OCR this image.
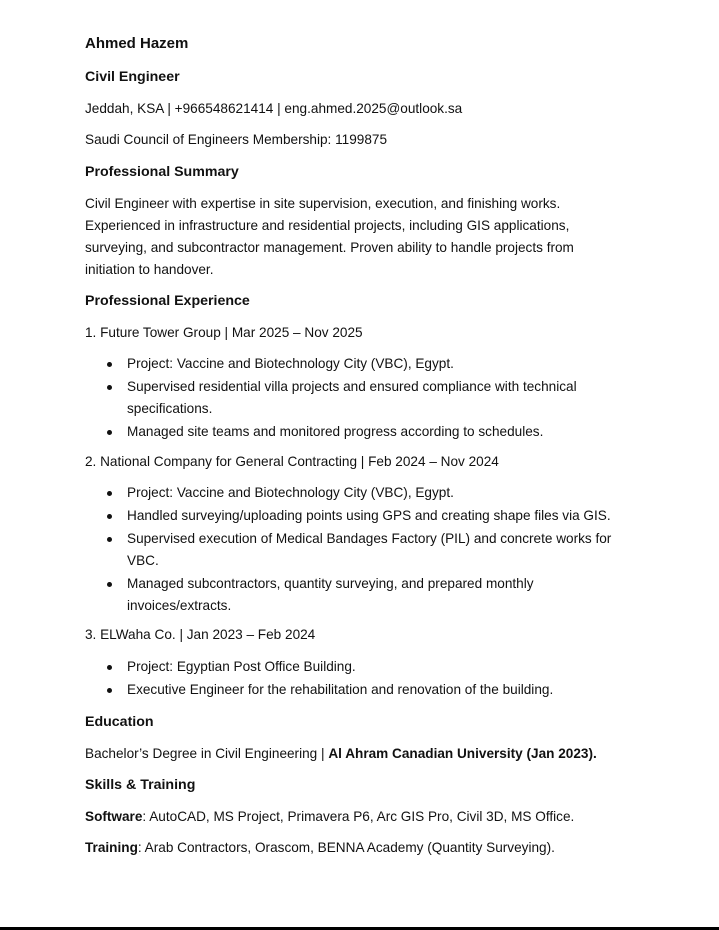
Ahmed Hazem
Civil Engineer
Jeddah, KSA | +966548621414 | eng.ahmed.2025@outlook.sa
Saudi Council of Engineers Membership: 1199875
Professional Summary
Civil Engineer with expertise in site supervision, execution, and finishing works. Experienced in infrastructure and residential projects, including GIS applications, surveying, and subcontractor management. Proven ability to handle projects from initiation to handover.
Professional Experience
1. Future Tower Group | Mar 2025 – Nov 2025
Project: Vaccine and Biotechnology City (VBC), Egypt.
Supervised residential villa projects and ensured compliance with technical specifications.
Managed site teams and monitored progress according to schedules.
2. National Company for General Contracting | Feb 2024 – Nov 2024
Project: Vaccine and Biotechnology City (VBC), Egypt.
Handled surveying/uploading points using GPS and creating shape files via GIS.
Supervised execution of Medical Bandages Factory (PIL) and concrete works for VBC.
Managed subcontractors, quantity surveying, and prepared monthly invoices/extracts.
3. ELWaha Co. | Jan 2023 – Feb 2024
Project: Egyptian Post Office Building.
Executive Engineer for the rehabilitation and renovation of the building.
Education
Bachelor’s Degree in Civil Engineering | Al Ahram Canadian University (Jan 2023).
Skills & Training
Software: AutoCAD, MS Project, Primavera P6, Arc GIS Pro, Civil 3D, MS Office.
Training: Arab Contractors, Orascom, BENNA Academy (Quantity Surveying).
